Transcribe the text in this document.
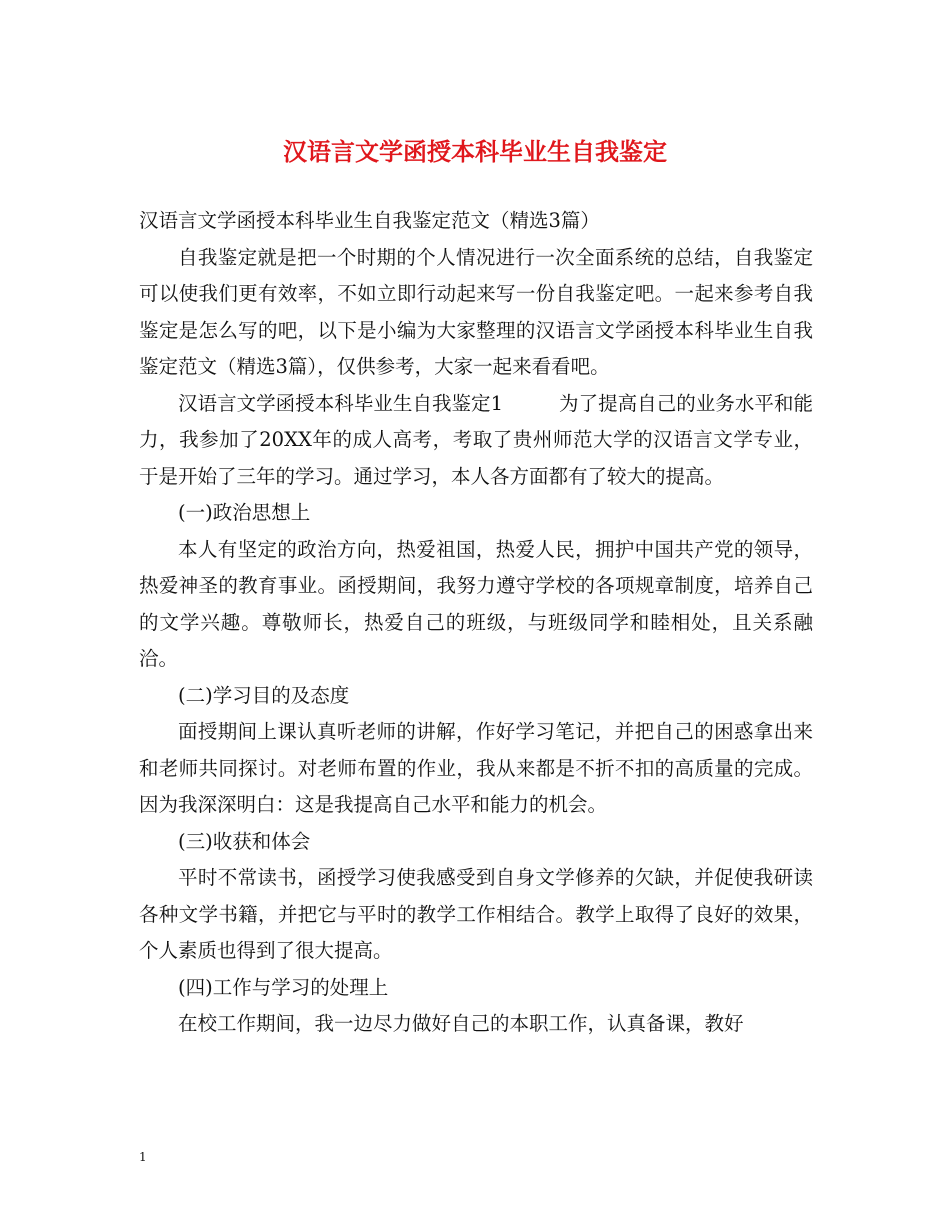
汉语言文学函授本科毕业生自我鉴定

汉语言文学函授本科毕业生自我鉴定范文（精选3篇）

自我鉴定就是把一个时期的个人情况进行一次全面系统的总结，自我鉴定可以使我们更有效率，不如立即行动起来写一份自我鉴定吧。一起来参考自我鉴定是怎么写的吧，以下是小编为大家整理的汉语言文学函授本科毕业生自我鉴定范文（精选3篇），仅供参考，大家一起来看看吧。

汉语言文学函授本科毕业生自我鉴定1	为了提高自己的业务水平和能力，我参加了20XX年的成人高考，考取了贵州师范大学的汉语言文学专业，于是开始了三年的学习。通过学习，本人各方面都有了较大的提高。

(一)政治思想上

本人有坚定的政治方向，热爱祖国，热爱人民，拥护中国共产党的领导，热爱神圣的教育事业。函授期间，我努力遵守学校的各项规章制度，培养自己的文学兴趣。尊敬师长，热爱自己的班级，与班级同学和睦相处，且关系融洽。

(二)学习目的及态度

面授期间上课认真听老师的讲解，作好学习笔记，并把自己的困惑拿出来和老师共同探讨。对老师布置的作业，我从来都是不折不扣的高质量的完成。因为我深深明白：这是我提高自己水平和能力的机会。

(三)收获和体会

平时不常读书，函授学习使我感受到自身文学修养的欠缺，并促使我研读各种文学书籍，并把它与平时的教学工作相结合。教学上取得了良好的效果，个人素质也得到了很大提高。

(四)工作与学习的处理上

在校工作期间，我一边尽力做好自己的本职工作，认真备课，教好

1
